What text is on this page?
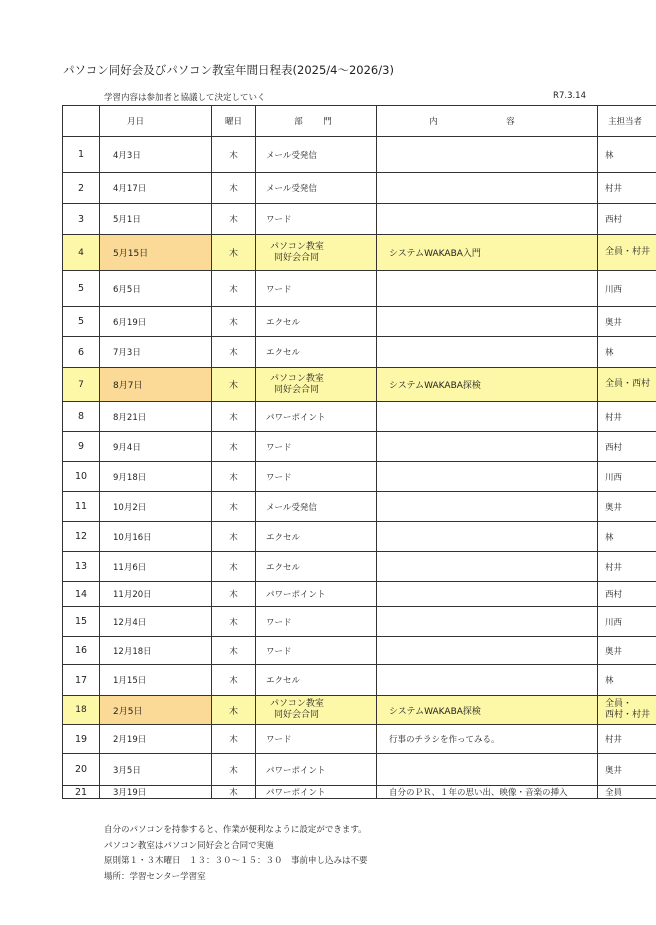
パソコン同好会及びパソコン教室年間日程表(2025/4～2026/3)
学習内容は参加者と協議して決定していく	R7.3.14
	月日	曜日	部　門	内　容	主担当者
1	4月3日	木	メール受発信		林
2	4月17日	木	メール受発信		村井
3	5月1日	木	ワード		西村
4	5月15日	木	パソコン教室
同好会合同	システムWAKABA入門	全員・村井
5	6月5日	木	ワード		川西
5	6月19日	木	エクセル		奥井
6	7月3日	木	エクセル		林
7	8月7日	木	パソコン教室
同好会合同	システムWAKABA探検	全員・西村
8	8月21日	木	パワーポイント		村井
9	9月4日	木	ワード		西村
10	9月18日	木	ワード		川西
11	10月2日	木	メール受発信		奥井
12	10月16日	木	エクセル		林
13	11月6日	木	エクセル		村井
14	11月20日	木	パワーポイント		西村
15	12月4日	木	ワード		川西
16	12月18日	木	ワード		奥井
17	1月15日	木	エクセル		林
18	2月5日	木	パソコン教室
同好会合同	システムWAKABA探検	全員・
西村・村井

19	2月19日	木	ワード	行事のチラシを作ってみる。	村井
20	3月5日	木	パワーポイント		奥井
21	3月19日	木	パワーポイント	自分のＰＲ、１年の思い出、映像・音楽の挿入	全員
自分のパソコンを持参すると、作業が便利なように設定ができます。
パソコン教室はパソコン同好会と合同で実施
原則第１・３木曜日　１３：３０～１５：３０　事前申し込みは不要
場所：学習センター学習室
